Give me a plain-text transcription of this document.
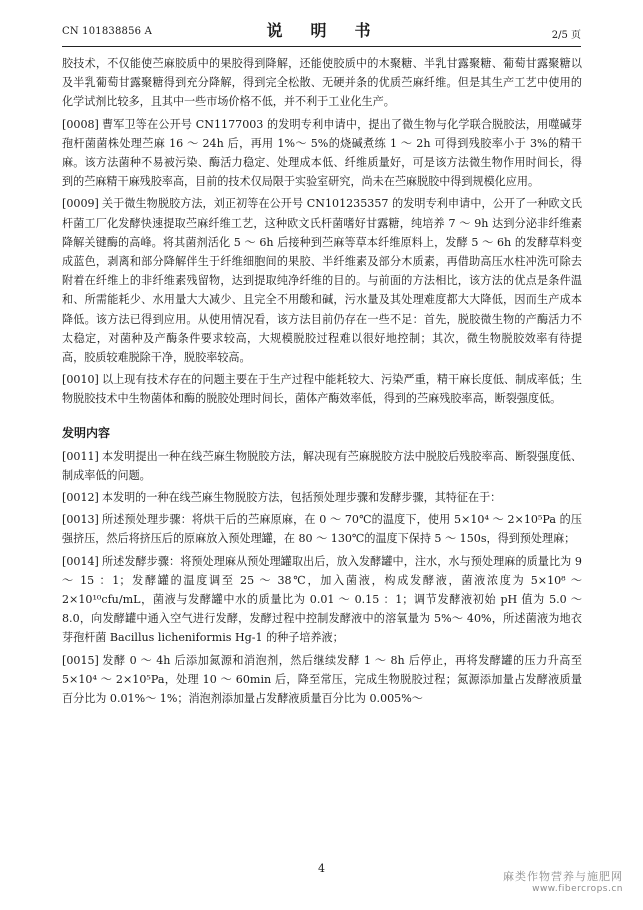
CN 101838856 A	说　明　书	2/5 页

胶技术，不仅能使苎麻胶质中的果胶得到降解，还能使胶质中的木聚糖、半乳甘露聚糖、葡萄甘露聚糖以及半乳葡萄甘露聚糖得到充分降解，得到完全松散、无硬并条的优质苎麻纤维。但是其生产工艺中使用的化学试剂比较多，且其中一些市场价格不低，并不利于工业化生产。

[0008] 曹军卫等在公开号 CN1177003 的发明专利申请中，提出了微生物与化学联合脱胶法，用噬碱芽孢杆菌菌株处理苎麻 16 ～ 24h 后，再用 1%～ 5%的烧碱煮练 1 ～ 2h 可得到残胶率小于 3%的精干麻。该方法菌种不易被污染、酶活力稳定、处理成本低、纤维质量好，可是该方法微生物作用时间长，得到的苎麻精干麻残胶率高，目前的技术仅局限于实验室研究，尚未在苎麻脱胶中得到规模化应用。

[0009] 关于微生物脱胶方法，刘正初等在公开号 CN101235357 的发明专利申请中，公开了一种欧文氏杆菌工厂化发酵快速提取苎麻纤维工艺，这种欧文氏杆菌嗜好甘露糖，纯培养 7 ～ 9h 达到分泌非纤维素降解关键酶的高峰。将其菌剂活化 5 ～ 6h 后接种到苎麻等草本纤维原料上，发酵 5 ～ 6h 的发酵草料变成蓝色，剥离和部分降解伴生于纤维细胞间的果胶、半纤维素及部分木质素，再借助高压水柱冲洗可除去附着在纤维上的非纤维素残留物，达到提取纯净纤维的目的。与前面的方法相比，该方法的优点是条件温和、所需能耗少、水用量大大减少、且完全不用酸和碱，污水量及其处理难度都大大降低，因而生产成本降低。该方法已得到应用。从使用情况看，该方法目前仍存在一些不足：首先，脱胶微生物的产酶活力不太稳定，对菌种及产酶条件要求较高，大规模脱胶过程难以很好地控制；其次，微生物脱胶效率有待提高，胶质较难脱除干净，脱胶率较高。

[0010] 以上现有技术存在的问题主要在于生产过程中能耗较大、污染严重，精干麻长度低、制成率低；生物脱胶技术中生物菌体和酶的脱胶处理时间长，菌体产酶效率低，得到的苎麻残胶率高，断裂强度低。

发明内容

[0011] 本发明提出一种在线苎麻生物脱胶方法，解决现有苎麻脱胶方法中脱胶后残胶率高、断裂强度低、制成率低的问题。

[0012] 本发明的一种在线苎麻生物脱胶方法，包括预处理步骤和发酵步骤，其特征在于：

[0013] 所述预处理步骤：将烘干后的苎麻原麻，在 0 ～ 70℃的温度下，使用 5×10⁴ ～ 2×10⁵Pa 的压强挤压，然后将挤压后的原麻放入预处理罐，在 80 ～ 130℃的温度下保持 5 ～ 150s，得到预处理麻；

[0014] 所述发酵步骤：将预处理麻从预处理罐取出后，放入发酵罐中，注水，水与预处理麻的质量比为 9 ～ 15 ：1；发酵罐的温度调至 25 ～ 38℃，加入菌液，构成发酵液，菌液浓度为 5×10⁸ ～ 2×10¹⁰cfu/mL，菌液与发酵罐中水的质量比为 0.01 ～ 0.15 ：1；调节发酵液初始 pH 值为 5.0 ～ 8.0，向发酵罐中通入空气进行发酵，发酵过程中控制发酵液中的溶氧量为 5%～ 40%，所述菌液为地衣芽孢杆菌 Bacillus licheniformis Hg-1 的种子培养液；

[0015] 发酵 0 ～ 4h 后添加氮源和消泡剂，然后继续发酵 1 ～ 8h 后停止，再将发酵罐的压力升高至 5×10⁴ ～ 2×10⁵Pa，处理 10 ～ 60min 后，降至常压，完成生物脱胶过程；氮源添加量占发酵液质量百分比为 0.01%～ 1%；消泡剂添加量占发酵液质量百分比为 0.005%～

4
麻类作物营养与施肥网
www.fibercrops.cn
